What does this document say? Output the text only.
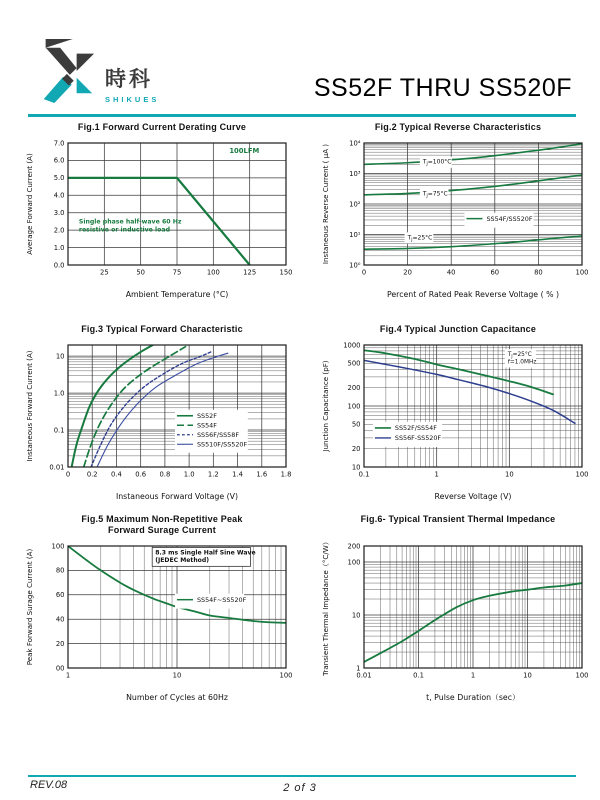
時科
SHIKUES	SS52F THRU SS520F
Fig.1 Forward Current Derating Curve
25	50	75	100	125	150
0.0
1.0
2.0
3.0
4.0
5.0
6.0
7.0
Ambient Temperature (°C)
Average Forward Current (A)
100LFM
Single phase half-wave 60 Hz
resistive or inductive load
Fig.2 Typical Reverse Characteristics
0	20	40	60	80	100
10⁰
10¹
10²
10³
10⁴
Percent of Rated Peak Reverse Voltage ( % )
Instaneous Reverse Current ( µA )	$T_J=100^\circ C$
$T_J=75^\circ C$
$T_J=25^\circ C$
SS54F/SS520F
Fig.3 Typical Forward Characteristic
0 0.2 0.4 0.6 0.8 1.0 1.2 1.4 1.6 1.8
0.01
0.1
1.0
10
Instaneous Forward Voltage (V)
Instaneous Forward Current (A)	SS52F
SS54F
SS56F/SS58F
SS510F/SS520F
Fig.4 Typical Junction Capacitance
0.1	1	10	100
10
20
50
100
200
500
1000
Reverse Voltage (V)
Junction Capacitance (pF)
$T_J=25^\circ C$
f=1.0MHz
SS52F/SS54F
SS56F-SS520F
Fig.5 Maximum Non-Repetitive Peak
Forward Surage Current
1	10	100
00
20
40
60
80
100
Number of Cycles at 60Hz
Peak Forward Surage Current (A)	8.3 ms Single Half Sine Wave
(JEDEC Method)
SS54F~SS520F
Fig.6- Typical Transient Thermal Impedance
0.01	0.1	1	10	100
1
10
100
200
t, Pulse Duration（sec）
Transient Thermal Impedance（°C/W）
REV.08	2 of 3
